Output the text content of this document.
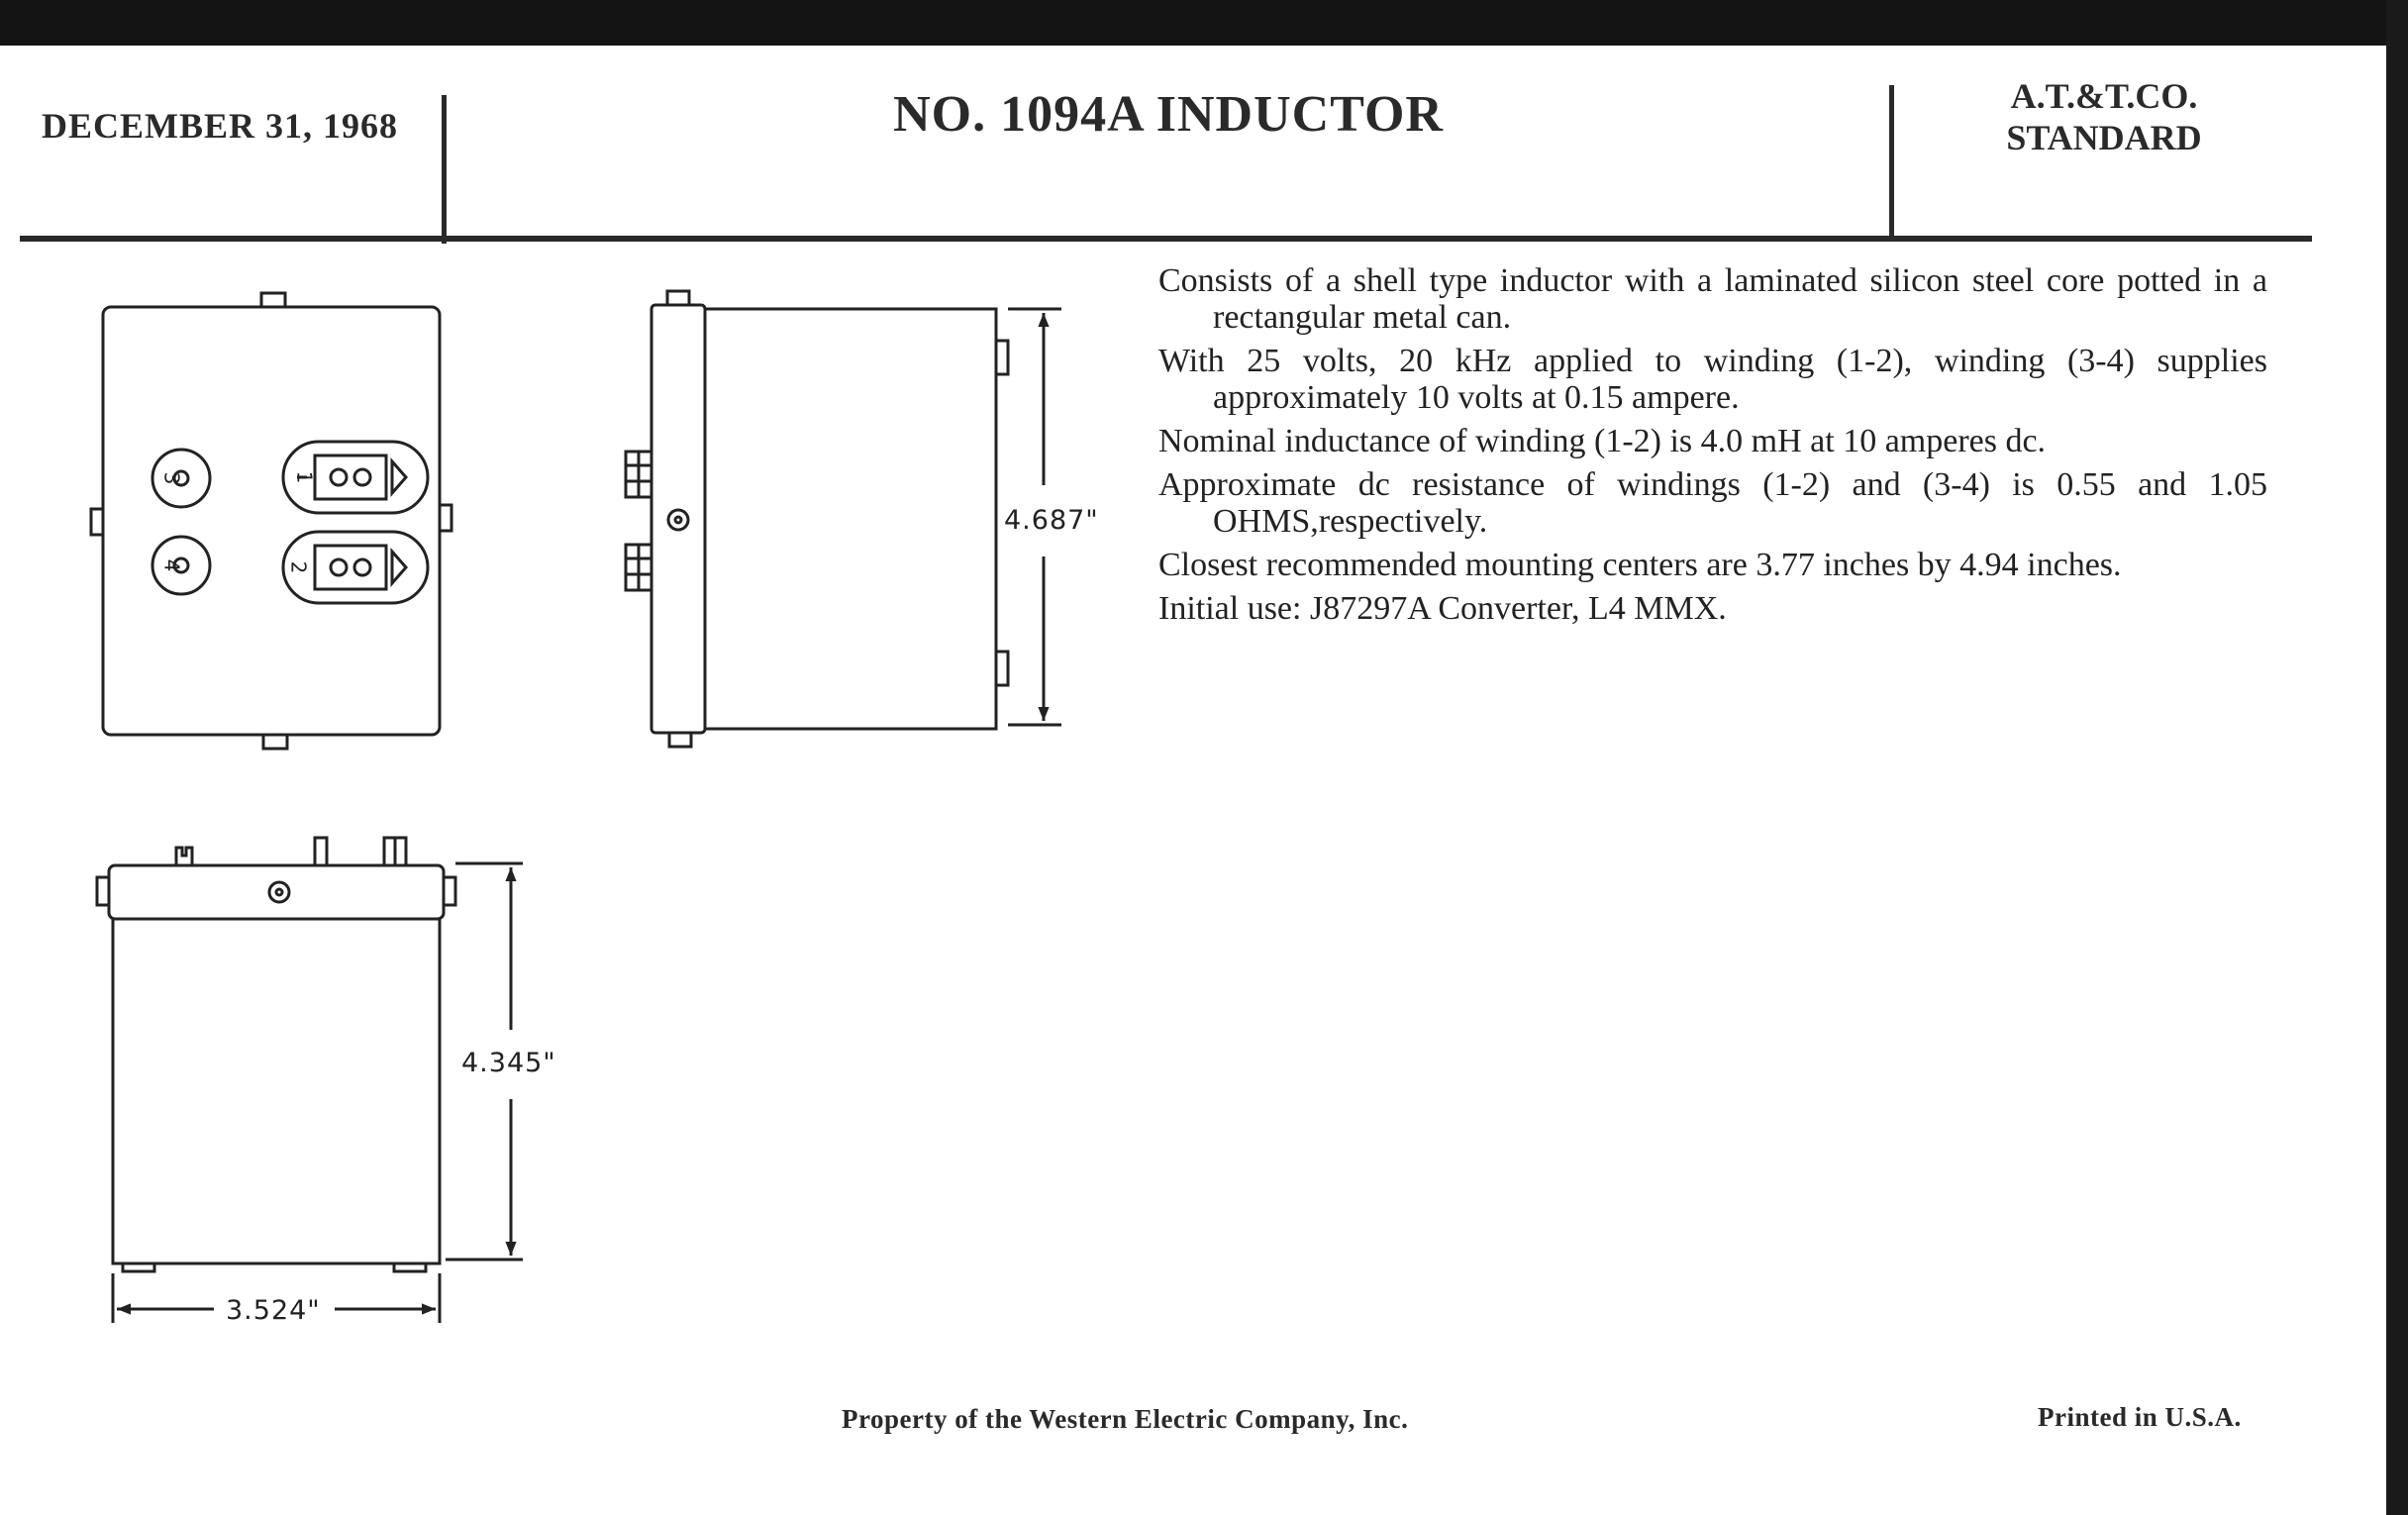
DECEMBER 31, 1968	NO. 1094A INDUCTOR	A.T.&T.CO.
STANDARD
3
4
1
2
4.687"
4.345"
3.524"

Consists of a shell type inductor with a laminated silicon steel core potted in a rectangular metal can.

With 25 volts, 20 kHz applied to winding (1-2), winding (3-4) supplies approximately 10 volts at 0.15 ampere.

Nominal inductance of winding (1-2) is 4.0 mH at 10 amperes dc.

Approximate dc resistance of windings (1-2) and (3-4) is 0.55 and 1.05 OHMS,respectively.

Closest recommended mounting centers are 3.77 inches by 4.94 inches.

Initial use: J87297A Converter, L4 MMX.

Property of the Western Electric Company, Inc.	Printed in U.S.A.
